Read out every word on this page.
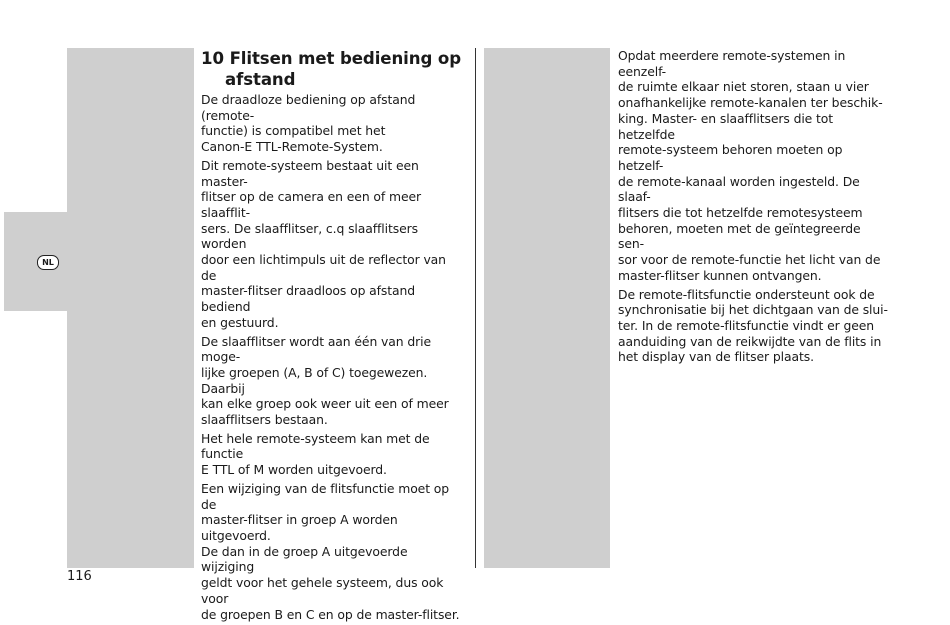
NL
10 Flitsen met bediening op afstand

De draadloze bediening op afstand (remote-
functie) is compatibel met het
Canon-E TTL-Remote-System.

Dit remote-systeem bestaat uit een master-
flitser op de camera en een of meer slaafflit-
sers. De slaafflitser, c.q slaafflitsers worden
door een lichtimpuls uit de reflector van de
master-flitser draadloos op afstand bediend
en gestuurd.

De slaafflitser wordt aan één van drie moge-
lijke groepen (A, B of C) toegewezen. Daarbij
kan elke groep ook weer uit een of meer
slaafflitsers bestaan.

Het hele remote-systeem kan met de functie
E TTL of M worden uitgevoerd.

Een wijziging van de flitsfunctie moet op de
master-flitser in groep A worden uitgevoerd.
De dan in de groep A uitgevoerde wijziging
geldt voor het gehele systeem, dus ook voor
de groepen B en C en op de master-flitser.

Opdat meerdere remote-systemen in eenzelf-
de ruimte elkaar niet storen, staan u vier
onafhankelijke remote-kanalen ter beschik-
king. Master- en slaafflitsers die tot hetzelfde
remote-systeem behoren moeten op hetzelf-
de remote-kanaal worden ingesteld. De slaaf-
flitsers die tot hetzelfde remotesysteem
behoren, moeten met de geïntegreerde sen-
sor voor de remote-functie het licht van de
master-flitser kunnen ontvangen.

De remote-flitsfunctie ondersteunt ook de
synchronisatie bij het dichtgaan van de slui-
ter. In de remote-flitsfunctie vindt er geen
aanduiding van de reikwijdte van de flits in
het display van de flitser plaats.

116
